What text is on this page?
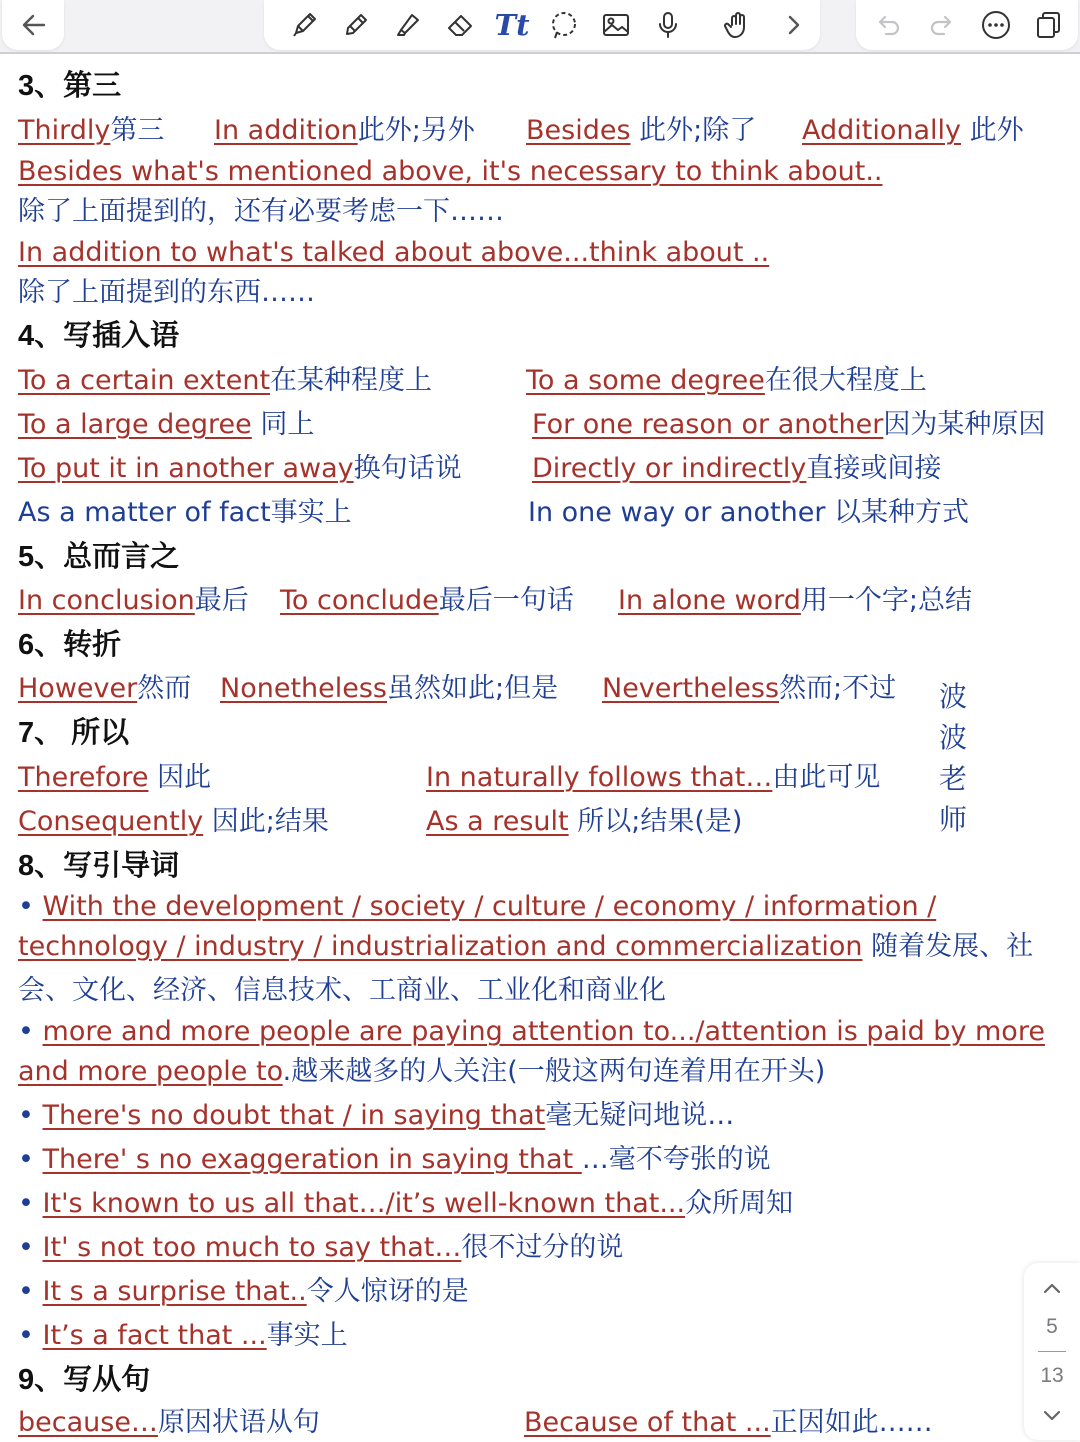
Tt
3、第三
Thirdly第三 In addition此外;另外 Besides 此外;除了 Additionally 此外
Besides what's mentioned above, it's necessary to think about..
除了上面提到的，还有必要考虑一下……
In addition to what's talked about above...think about ..
除了上面提到的东西……
4、写插入语
To a certain extent在某种程度上	To a some degree在很大程度上
To a large degree 同上	For one reason or another因为某种原因
To put it in another away换句话说	Directly or indirectly直接或间接
As a matter of fact事实上	In one way or another 以某种方式
5、总而言之
In conclusion最后 To conclude最后一句话 In alone word用一个字;总结
6、转折
However然而 Nonetheless虽然如此;但是 Nevertheless然而;不过
7、 所以
Therefore 因此	In naturally follows that…由此可见
Consequently 因此;结果	As a result 所以;结果(是)
波
波
老
师
8、写引导词
• With the development / society / culture / economy / information /
technology / industry / industrialization and commercialization 随着发展、社
会、文化、经济、信息技术、工商业、工业化和商业化
• more and more people are paying attention to.../attention is paid by more
and more people to.越来越多的人关注(一般这两句连着用在开头)
• There's no doubt that / in saying that毫无疑问地说…
• There' s no exaggeration in saying that …毫不夸张的说
• It's known to us all that…/it’s well-known that...众所周知
• It' s not too much to say that…很不过分的说
• It s a surprise that..令人惊讶的是
• It’s a fact that ...事实上
9、写从句
because…原因状语从句	Because of that ...正因如此……
5
13
